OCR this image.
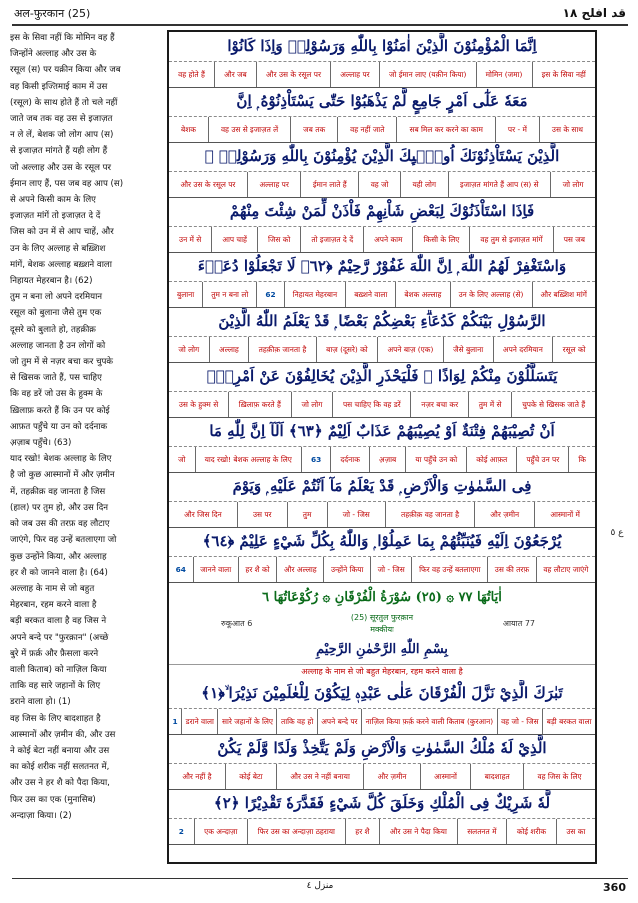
अल-फुरकान (25)	قد افلح ١٨

इस के सिवा नहीं कि मोमिन वह हैं

जिन्होंने अल्लाह और उस के

रसूल (स) पर यक़ीन किया और जब

वह किसी इज्तिमाई काम में उस

(रसूल) के साथ होते हैं तो चले नहीं

जाते जब तक वह उस से इजाज़त

न ले लें, बेशक जो लोग आप (स)

से इजाज़त मांगते हैं यही लोग हैं

जो अल्लाह और उस के रसूल पर

ईमान लाए हैं, पस जब वह आप (स)

से अपने किसी काम के लिए

इजाज़त मांगें तो इजाज़त दे दें

जिस को उन में से आप चाहें, और

उन के लिए अल्लाह से बख़्शिश

मांगें, बेशक अल्लाह बख़्शने वाला

निहायत मेहरबान है। (62)

तुम न बना लो अपने दरमियान

रसूल को बुलाना जैसे तुम एक

दूसरे को बुलाते हो, तहक़ीक़

अल्लाह जानता है उन लोगों को

जो तुम में से नज़र बचा कर चुपके

से खिसक जाते हैं, पस चाहिए

कि वह डरें जो उस के हुक्म के

ख़िलाफ़ करते हैं कि उन पर कोई

आफ़त पहुँचे या उन को दर्दनाक

अ़ज़ाब पहुँचे। (63)

याद रखो! बेशक अल्लाह के लिए

है जो कुछ आस्मानों में और ज़मीन

में, तहक़ीक़ वह जानता है जिस

(हाल) पर तुम हो, और उस दिन

को जब उस की तरफ़ वह लौटाए

जाएंगे, फिर वह उन्हें बतलाएगा जो

कुछ उन्होंने किया, और अल्लाह

हर शै को जानने वाला है। (64)

अल्लाह के नाम से जो बहुत

मेहरबान, रहम करने वाला है

बड़ी बरकत वाला है वह जिस ने

अपने बन्दे पर "फुरक़ान" (अच्छे

बुरे में फ़र्क़ और फ़ैसला करने

वाली किताब) को नाज़िल किया

ताकि वह सारे जहानों के लिए

डराने वाला हो। (1)

वह जिस के लिए बादशाहत है

आस्मानों और ज़मीन की, और उस

ने कोई बेटा नहीं बनाया और उस

का कोई शरीक नहीं सलतनत में,

और उस ने हर शै को पैदा किया,

फिर उस का एक (मुनासिब)

अन्दाज़ा किया। (2)

اِنَّمَا الْمُؤْمِنُوْنَ الَّذِيْنَ اٰمَنُوْا بِاللّٰهِ وَرَسُوْلِهٖ وَاِذَا كَانُوْا
इस के सिवा नहीं
मोमिन (जमा)
जो ईमान लाए (यक़ीन किया)
अल्लाह पर
और उस के रसूल पर
और जब
वह होते हैं
مَعَهٗ عَلٰٓى اَمْرٍ جَامِعٍ لَّمْ يَذْهَبُوْا حَتّٰى يَسْتَاْذِنُوْهُ ۭ اِنَّ
उस के साथ
पर - में
सब मिल कर करने का काम
वह नहीं जाते
जब तक
वह उस से इजाज़त लें
बेशक
الَّذِيْنَ يَسْتَاْذِنُوْنَكَ اُولٰۗىِٕكَ الَّذِيْنَ يُؤْمِنُوْنَ بِاللّٰهِ وَرَسُوْلِهٖ ۚ
जो लोग
इजाज़त मांगते हैं आप (स) से
यही लोग
वह जो
ईमान लाते हैं
अल्लाह पर
और उस के रसूल पर
فَاِذَا اسْتَاْذَنُوْكَ لِبَعْضِ شَاْنِهِمْ فَاْذَنْ لِّمَنْ شِئْتَ مِنْهُمْ
पस जब
वह तुम से इजाज़त मांगें
किसी के लिए
अपने काम
तो इजाज़त दे दें
जिस को
आप चाहें
उन में से
وَاسْتَغْفِرْ لَهُمُ اللّٰهَ ۭ اِنَّ اللّٰهَ غَفُوْرٌ رَّحِيْمٌ ﴿٦٢﴾ لَا تَجْعَلُوْا دُعَاۗءَ
और बख़्शिश मांगें
उन के लिए अल्लाह (से)
बेशक अल्लाह
बख़्शने वाला
निहायत मेहरबान
62
तुम न बना लो
बुलाना
الرَّسُوْلِ بَيْنَكُمْ كَدُعَاۗءِ بَعْضِكُمْ بَعْضًا ۭ قَدْ يَعْلَمُ اللّٰهُ الَّذِيْنَ
रसूल को
अपने दरमियान
जैसे बुलाना
अपने बाज़ (एक)
बाज़ (दूसरे) को
तहक़ीक़ जानता है
अल्लाह
जो लोग
يَتَسَلَّلُوْنَ مِنْكُمْ لِوَاذًا ۚ فَلْيَحْذَرِ الَّذِيْنَ يُخَالِفُوْنَ عَنْ اَمْرِهٖٓ
चुपके से खिसक जाते हैं
तुम में से
नज़र बचा कर
पस चाहिए कि वह डरें
जो लोग
ख़िलाफ़ करते हैं
उस के हुक्म से
اَنْ تُصِيْبَهُمْ فِتْنَةٌ اَوْ يُصِيْبَهُمْ عَذَابٌ اَلِيْمٌ ﴿٦٣﴾ اَلَآ اِنَّ لِلّٰهِ مَا
कि
पहुँचे उन पर
कोई आफ़त
या पहुँचे उन को
अ़ज़ाब
दर्दनाक
63
याद रखो! बेशक अल्लाह के लिए
जो
فِى السَّمٰوٰتِ وَالْاَرْضِ ۭ قَدْ يَعْلَمُ مَآ اَنْتُمْ عَلَيْهِ ۭ وَيَوْمَ
आस्मानों में
और ज़मीन
तहक़ीक़ वह जानता है
जो - जिस
तुम
उस पर
और जिस दिन
يُرْجَعُوْنَ اِلَيْهِ فَيُنَبِّئُهُمْ بِمَا عَمِلُوْا ۭ وَاللّٰهُ بِكُلِّ شَيْءٍ عَلِيْمٌ ﴿٦٤﴾
वह लौटाए जाएंगे
उस की तरफ़
फिर वह उन्हें बतलाएगा
जो - जिस
उन्होंने किया
और अल्लाह
हर शै को
जानने वाला
64
اٰيَاتُهَا ٧٧ ۞ (٢٥) سُوْرَةُ الْفُرْقَانِ ۞ رُكُوْعَاتُهَا ٦
रुकूआत 6
(25) सूरतुल फुरक़ान
मक्कीयः
आयात 77
بِسْمِ اللّٰهِ الرَّحْمٰنِ الرَّحِيْمِ
अल्लाह के नाम से जो बहुत मेहरबान, रहम करने वाला है
تَبٰرَكَ الَّذِيْ نَزَّلَ الْفُرْقَانَ عَلٰى عَبْدِهٖ لِيَكُوْنَ لِلْعٰلَمِيْنَ نَذِيْرَا ۙ﴿١﴾
बड़ी बरकत वाला
वह जो - जिस
नाज़िल किया फ़र्क़ करने वाली किताब (कुरआन)
अपने बन्दे पर
ताकि वह हो
सारे जहानों के लिए
डराने वाला
1
الَّذِيْ لَهٗ مُلْكُ السَّمٰوٰتِ وَالْاَرْضِ وَلَمْ يَتَّخِذْ وَلَدًا وَّلَمْ يَكُنْ
वह जिस के लिए
बादशाहत
आस्मानों
और ज़मीन
और उस ने नहीं बनाया
कोई बेटा
और नहीं है
لَّهٗ شَرِيْكٌ فِى الْمُلْكِ وَخَلَقَ كُلَّ شَيْءٍ فَقَدَّرَهٗ تَقْدِيْرًا ﴿٢﴾
उस का
कोई शरीक
सलतनत में
और उस ने पैदा किया
हर शै
फिर उस का अन्दाज़ा ठहराया
एक अन्दाज़ा
2
ع ٥
منزل ٤	360
